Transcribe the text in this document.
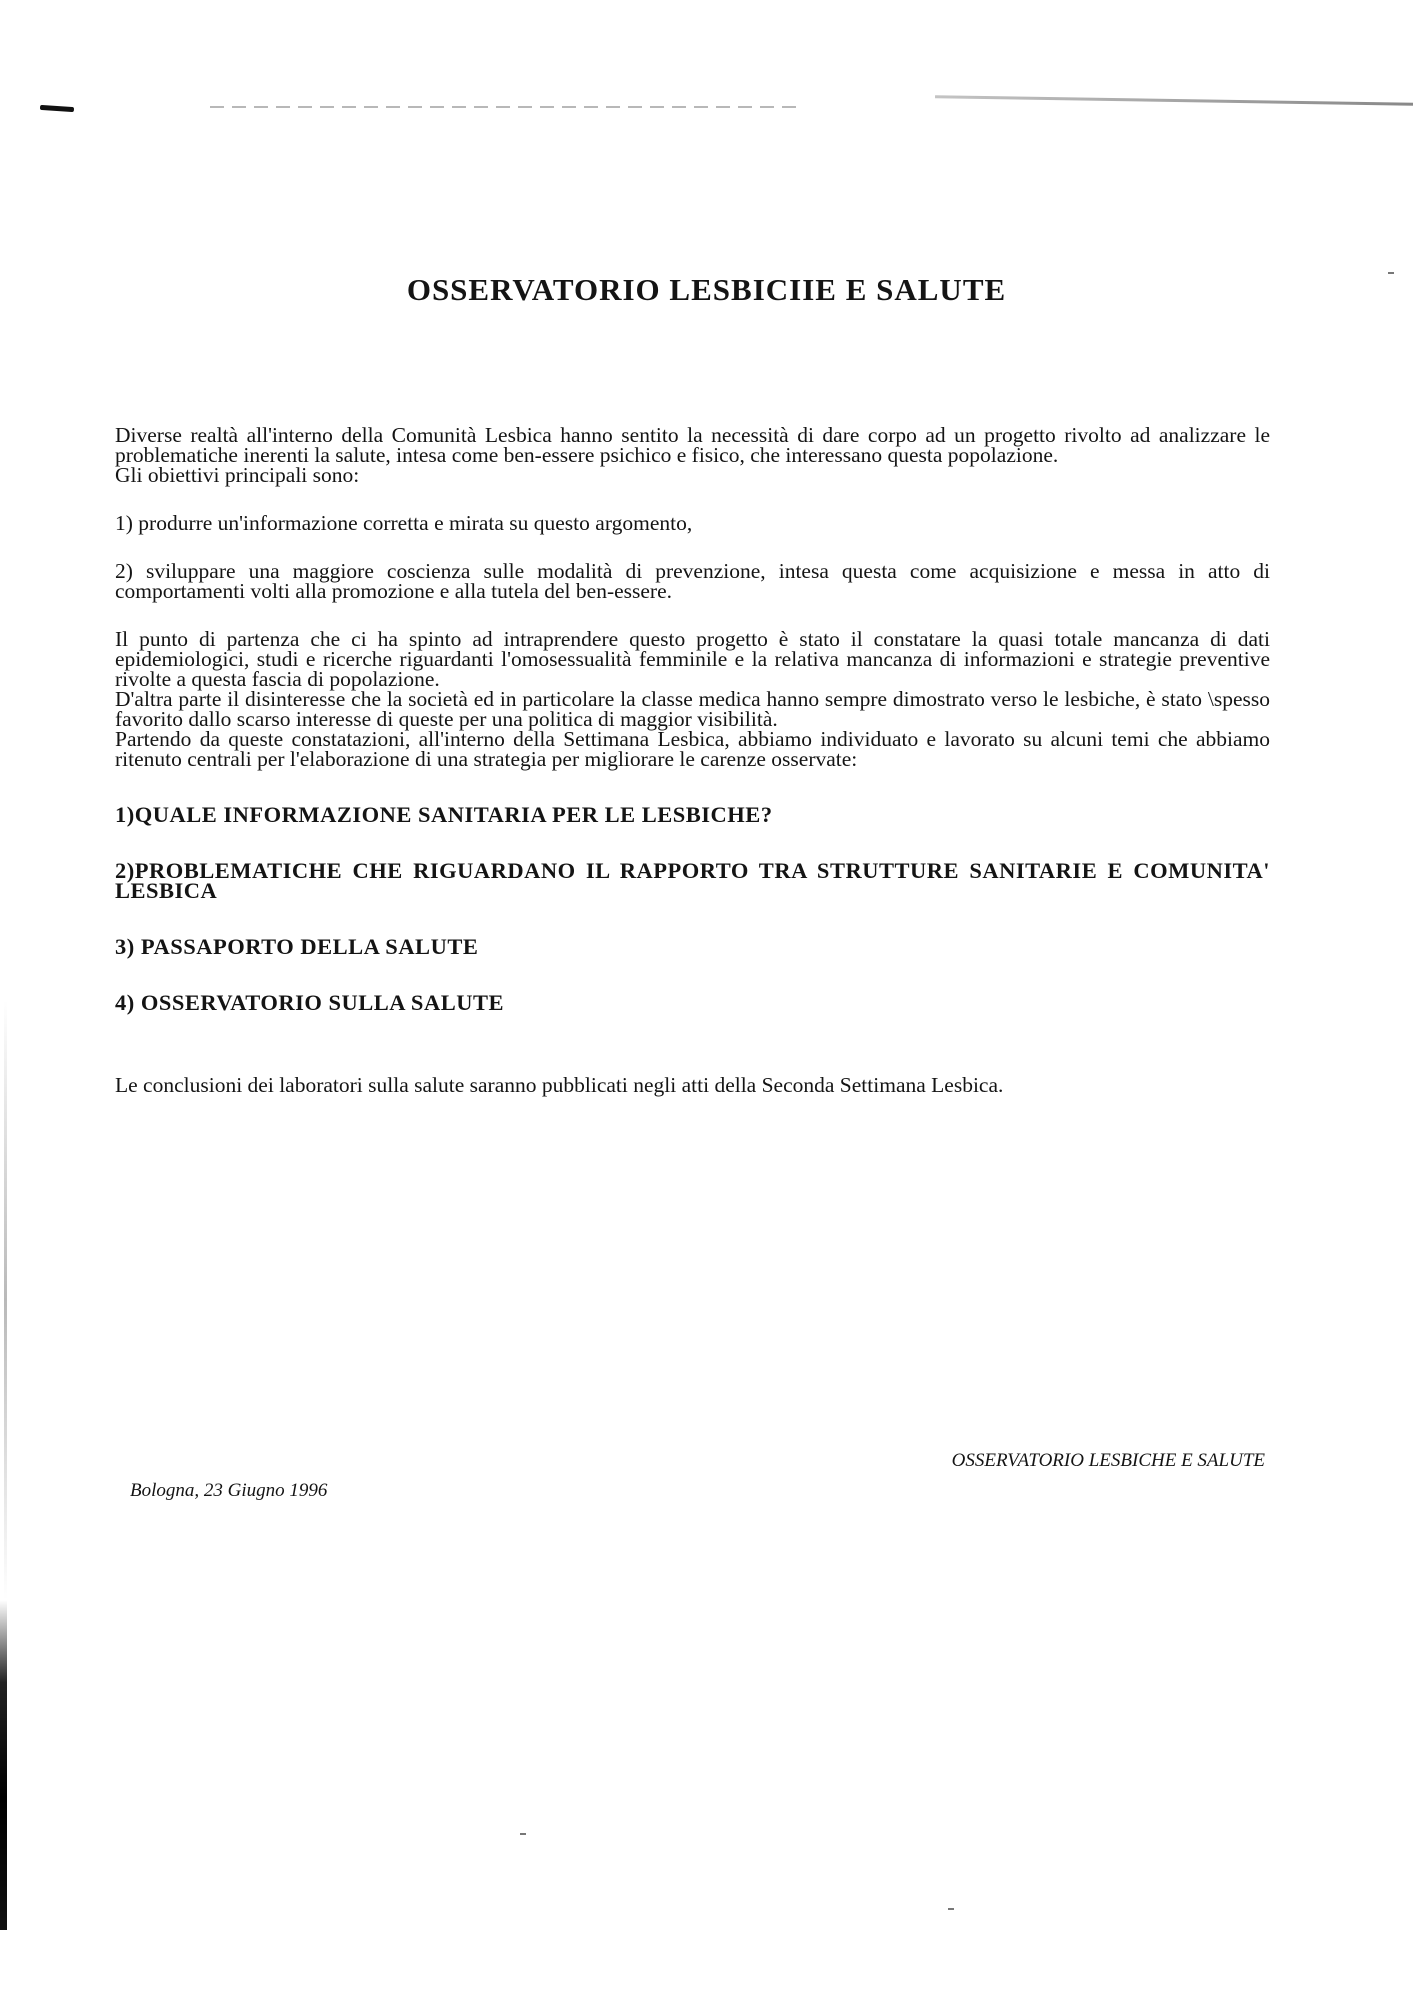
OSSERVATORIO LESBICIIE E SALUTE

Diverse realtà all'interno della Comunità Lesbica hanno sentito la necessità di dare corpo ad un progetto rivolto ad analizzare le problematiche inerenti la salute, intesa come ben-essere psichico e fisico, che interessano questa popolazione.

Gli obiettivi principali sono:

1) produrre un'informazione corretta e mirata su questo argomento,

2) sviluppare una maggiore coscienza sulle modalità di prevenzione, intesa questa come acquisizione e messa in atto di comportamenti volti alla promozione e alla tutela del ben-essere.

Il punto di partenza che ci ha spinto ad intraprendere questo progetto è stato il constatare la quasi totale mancanza di dati epidemiologici, studi e ricerche riguardanti l'omosessualità femminile e la relativa mancanza di informazioni e strategie preventive rivolte a questa fascia di popolazione.

D'altra parte il disinteresse che la società ed in particolare la classe medica hanno sempre dimostrato verso le lesbiche, è stato \spesso favorito dallo scarso interesse di queste per una politica di maggior visibilità.

Partendo da queste constatazioni, all'interno della Settimana Lesbica, abbiamo individuato e lavorato su alcuni temi che abbiamo ritenuto centrali per l'elaborazione di una strategia per migliorare le carenze osservate:

1)QUALE INFORMAZIONE SANITARIA PER LE LESBICHE?

2)PROBLEMATICHE CHE RIGUARDANO IL RAPPORTO TRA STRUTTURE SANITARIE E COMUNITA' LESBICA

3) PASSAPORTO DELLA SALUTE

4) OSSERVATORIO SULLA SALUTE

Le conclusioni dei laboratori sulla salute saranno pubblicati negli atti della Seconda Settimana Lesbica.

OSSERVATORIO LESBICHE E SALUTE
Bologna, 23 Giugno 1996
